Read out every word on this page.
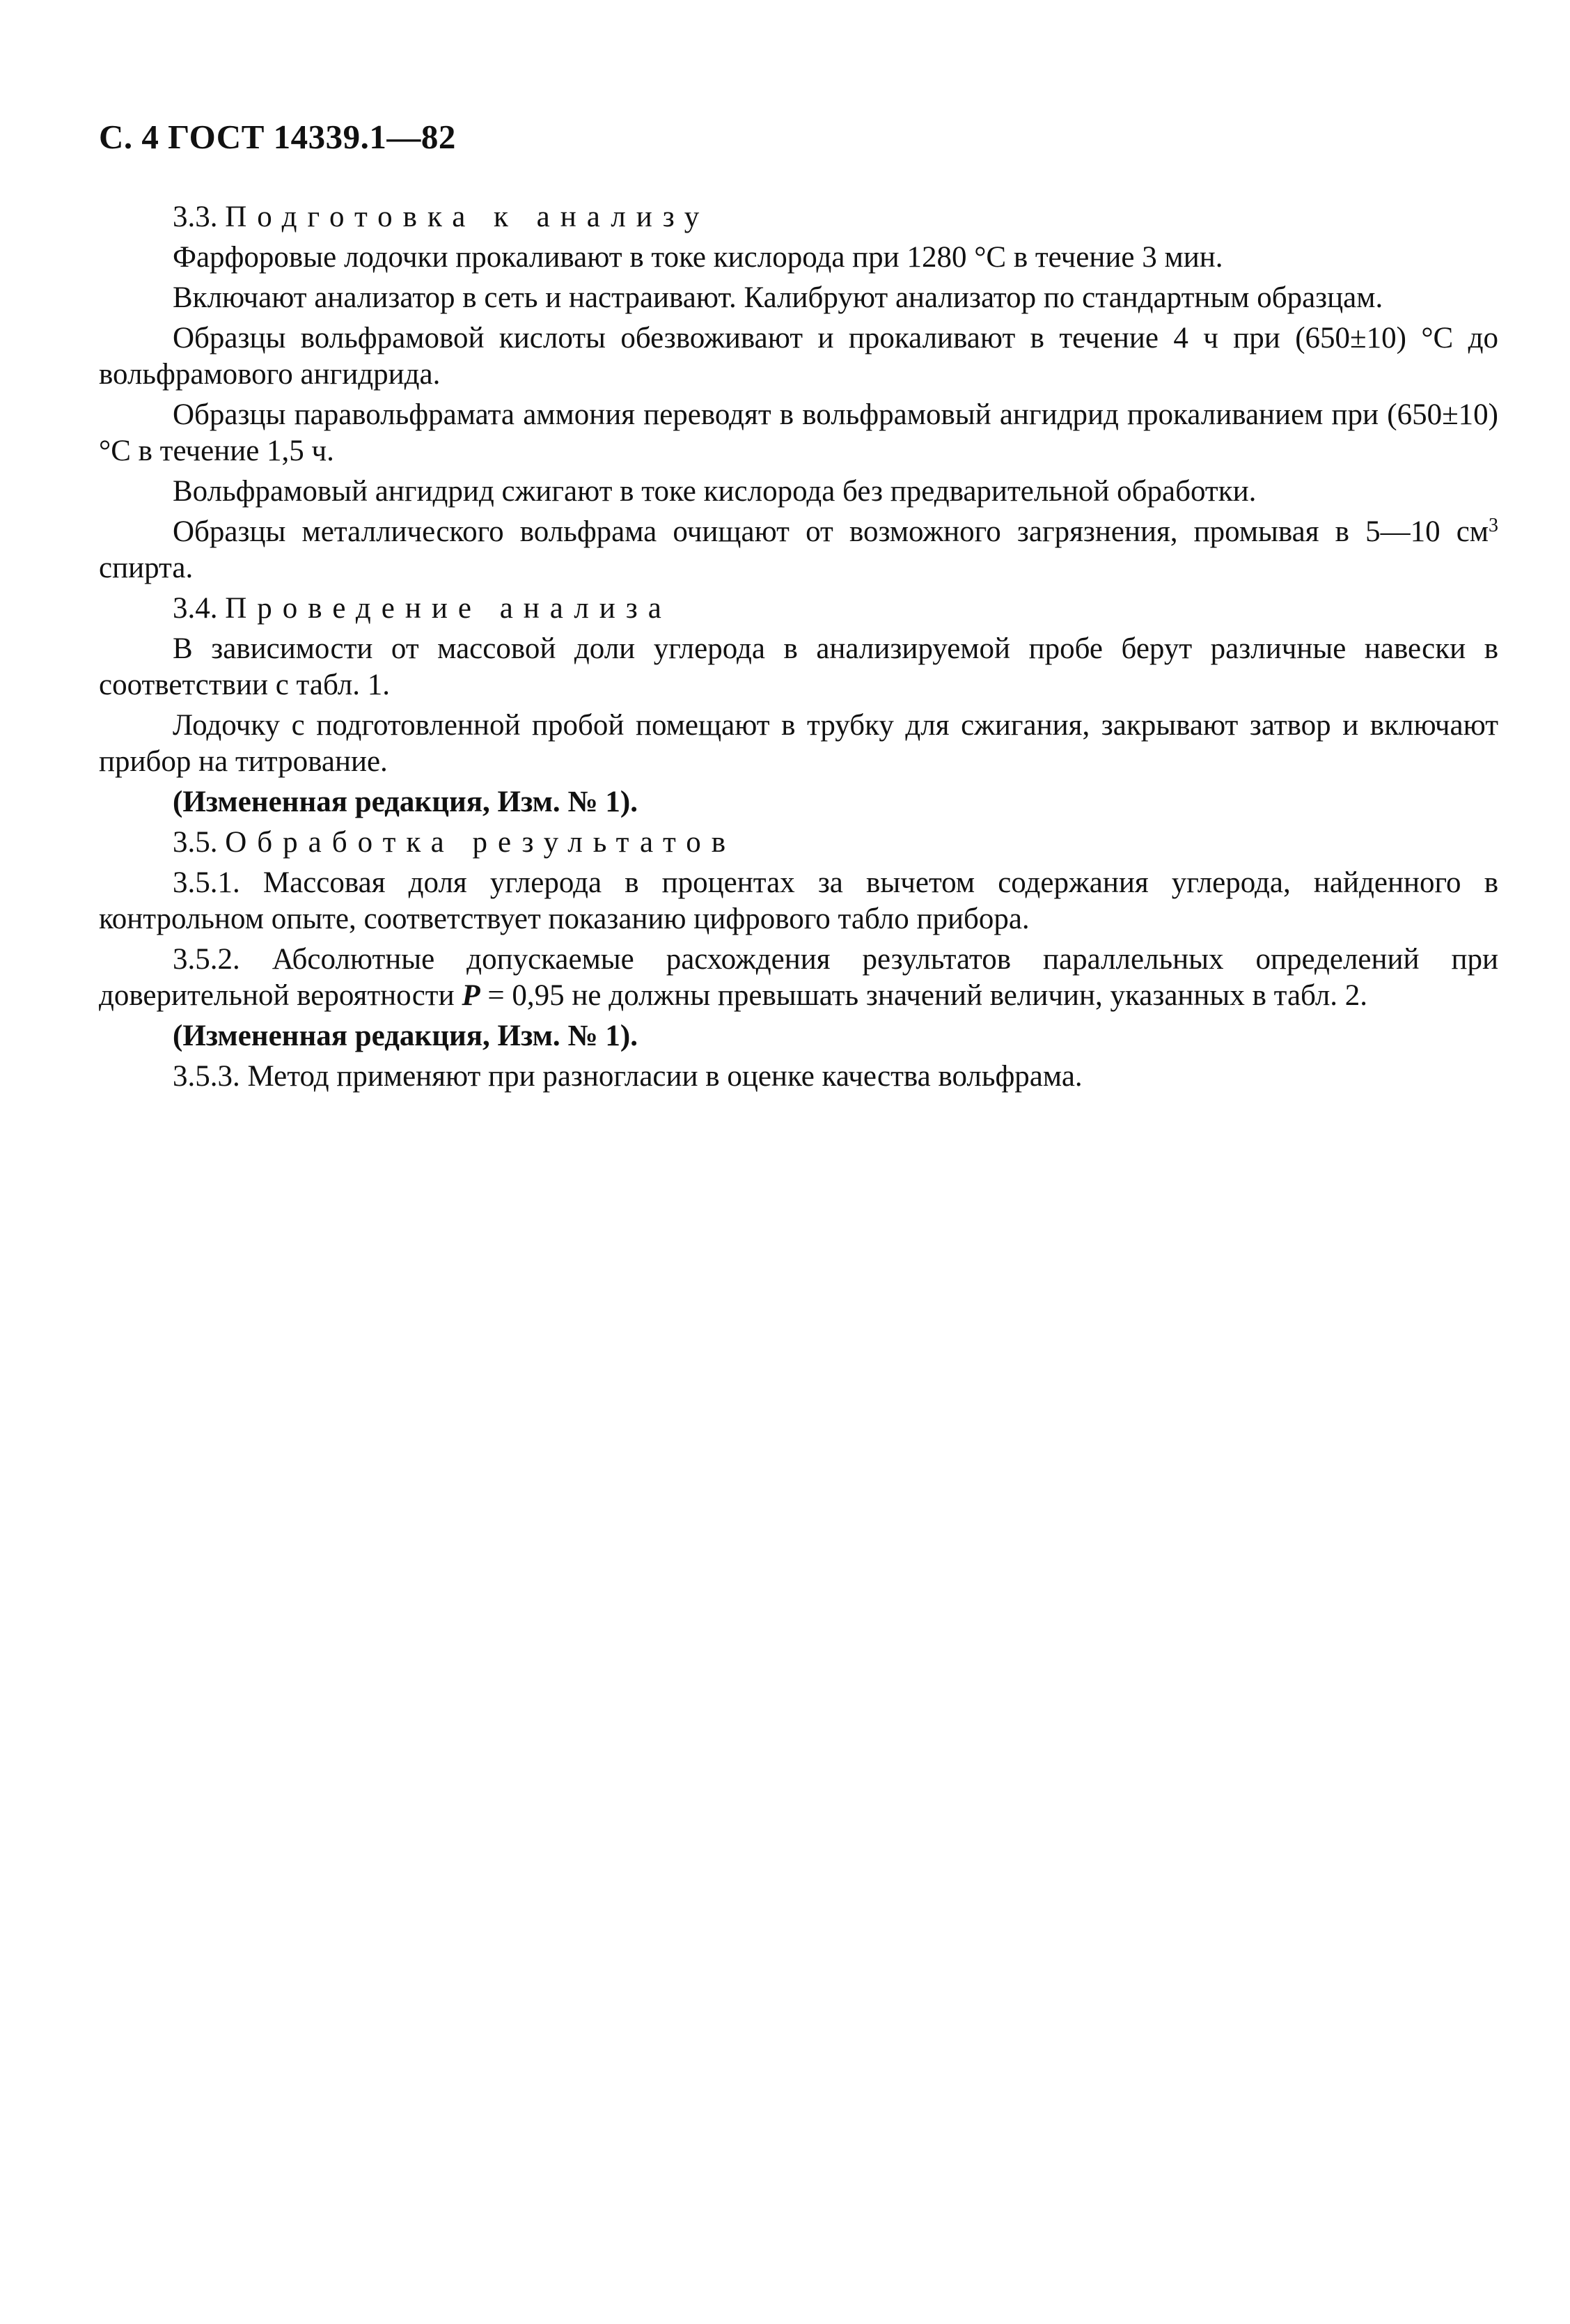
С. 4 ГОСТ 14339.1—82

3.3. Подготовка к анализу

Фарфоровые лодочки прокаливают в токе кислорода при 1280 °С в течение 3 мин.

Включают анализатор в сеть и настраивают. Калибруют анализатор по стандартным образцам.

Образцы вольфрамовой кислоты обезвоживают и прокаливают в течение 4 ч при (650±10) °С до вольфрамового ангидрида.

Образцы паравольфрамата аммония переводят в вольфрамовый ангидрид прокаливанием при (650±10) °С в течение 1,5 ч.

Вольфрамовый ангидрид сжигают в токе кислорода без предварительной обработки.

Образцы металлического вольфрама очищают от возможного загрязнения, промывая в 5—10 $см^3$ спирта.

3.4. Проведение анализа

В зависимости от массовой доли углерода в анализируемой пробе берут различные навески в соответствии с табл. 1.

Лодочку с подготовленной пробой помещают в трубку для сжигания, закрывают затвор и включают прибор на титрование.

(Измененная редакция, Изм. № 1).

3.5. Обработка результатов

3.5.1. Массовая доля углерода в процентах за вычетом содержания углерода, найденного в контрольном опыте, соответствует показанию цифрового табло прибора.

3.5.2. Абсолютные допускаемые расхождения результатов параллельных определений при доверительной вероятности Р = 0,95 не должны превышать значений величин, указанных в табл. 2.

(Измененная редакция, Изм. № 1).

3.5.3. Метод применяют при разногласии в оценке качества вольфрама.
